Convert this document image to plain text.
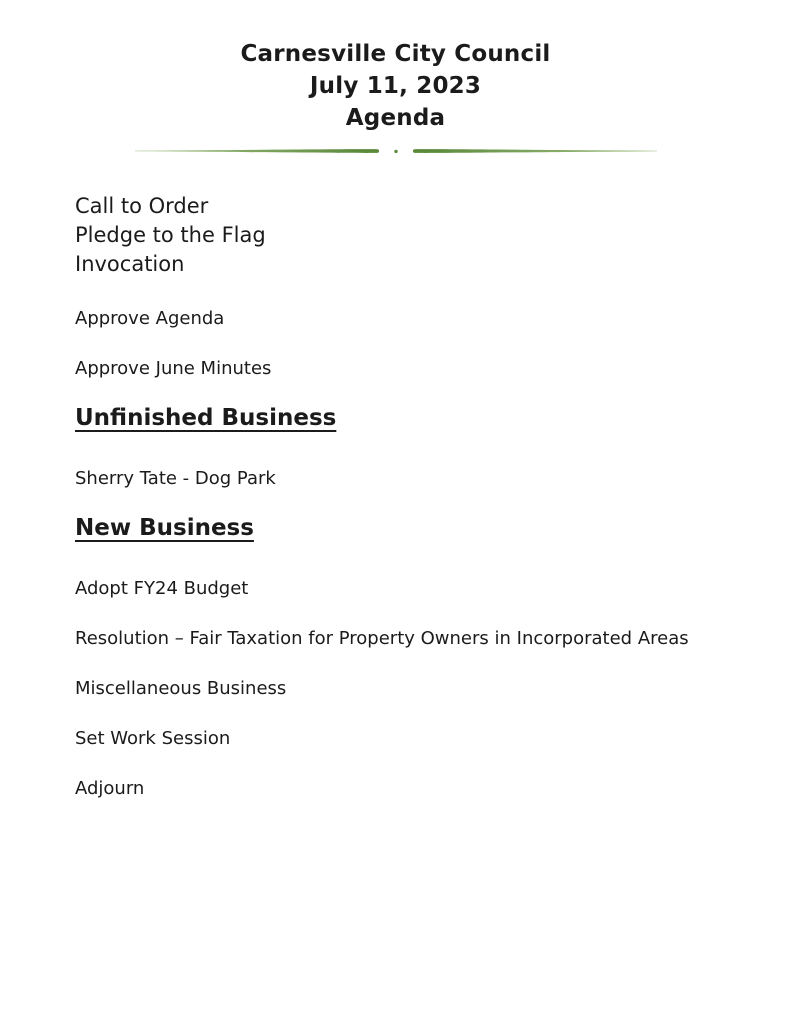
Carnesville City Council
July 11, 2023
Agenda
Call to Order
Pledge to the Flag
Invocation
Approve Agenda
Approve June Minutes
Unfinished Business
Sherry Tate - Dog Park
New Business
Adopt FY24 Budget
Resolution – Fair Taxation for Property Owners in Incorporated Areas
Miscellaneous Business
Set Work Session
Adjourn
